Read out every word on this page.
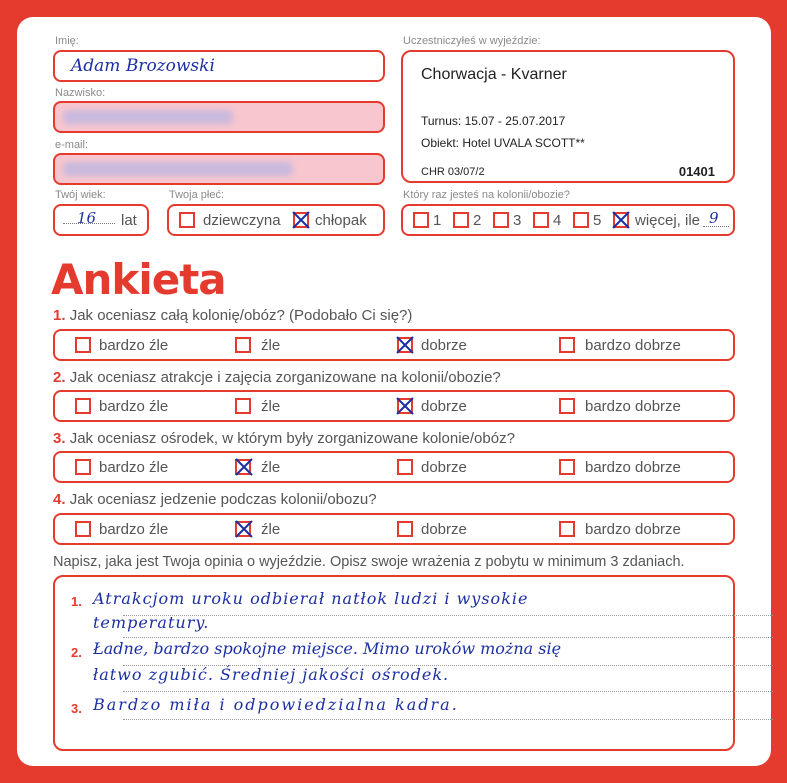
Imię:
Adam Brozowski
Nazwisko:
e-mail:
Twój wiek:
16 lat
Twoja płeć:
dziewczyna chłopak
Uczestniczyłeś w wyjeździe:
Chorwacja - Kvarner
Turnus: 15.07 - 25.07.2017
Obiekt: Hotel UVALA SCOTT**
CHR 03/07/2	01401
Który raz jesteś na kolonii/obozie?
1 2 3 4 5 więcej, ile 9
Ankieta
1. Jak oceniasz całą kolonię/obóz? (Podobało Ci się?)
bardzo źle	źle	dobrze	bardzo dobrze
2. Jak oceniasz atrakcje i zajęcia zorganizowane na kolonii/obozie?
bardzo źle	źle	dobrze	bardzo dobrze
3. Jak oceniasz ośrodek, w którym były zorganizowane kolonie/obóz?
bardzo źle	źle	dobrze	bardzo dobrze
4. Jak oceniasz jedzenie podczas kolonii/obozu?
bardzo źle	źle	dobrze	bardzo dobrze
Napisz, jaka jest Twoja opinia o wyjeździe. Opisz swoje wrażenia z pobytu w minimum 3 zdaniach.
1. Atrakcjom uroku odbierał natłok ludzi i wysokie
temperatury.
2. Ładne, bardzo spokojne miejsce. Mimo uroków można się
łatwo zgubić. Średniej jakości ośrodek.
3. Bardzo miła i odpowiedzialna kadra.
